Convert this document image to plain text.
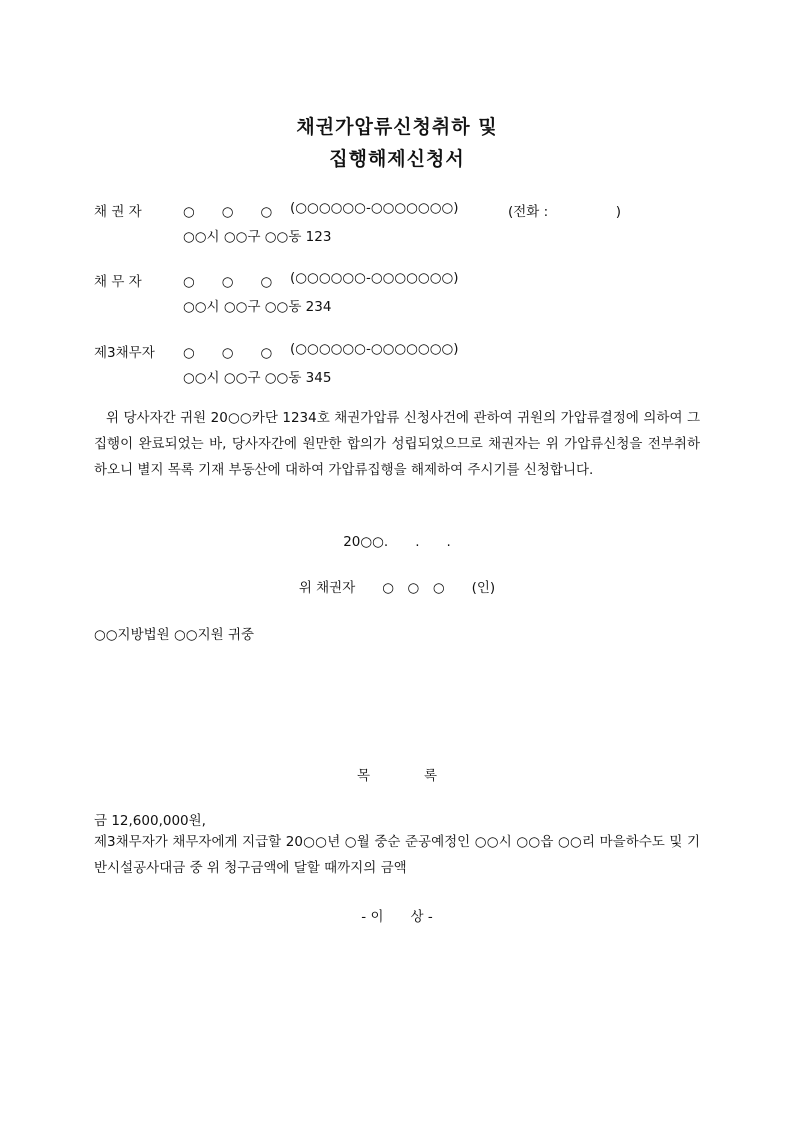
채권가압류신청취하 및
집행해제신청서
채 권 자	○　　○　　○ (○○○○○○-○○○○○○○)	(전화 :　　　　　)
○○시 ○○구 ○○동 123
채 무 자	○　　○　　○ (○○○○○○-○○○○○○○)
○○시 ○○구 ○○동 234
제3채무자 ○　　○　　○ (○○○○○○-○○○○○○○)
○○시 ○○구 ○○동 345
위 당사자간 귀원 20○○카단 1234호 채권가압류 신청사건에 관하여 귀원의 가압류결정에 의하여 그 집행이 완료되었는 바, 당사자간에 원만한 합의가 성립되었으므로 채권자는 위 가압류신청을 전부취하하오니 별지 목록 기재 부동산에 대하여 가압류집행을 해제하여 주시기를 신청합니다.
20○○.　　.　　.
위 채권자　　○　○　○　　(인)
○○지방법원 ○○지원 귀중
목　　　　록
금 12,600,000원,
제3채무자가 채무자에게 지급할 20○○년 ○월 중순 준공예정인 ○○시 ○○읍 ○○리 마을하수도 및 기반시설공사대금 중 위 청구금액에 달할 때까지의 금액
- 이　　상 -
